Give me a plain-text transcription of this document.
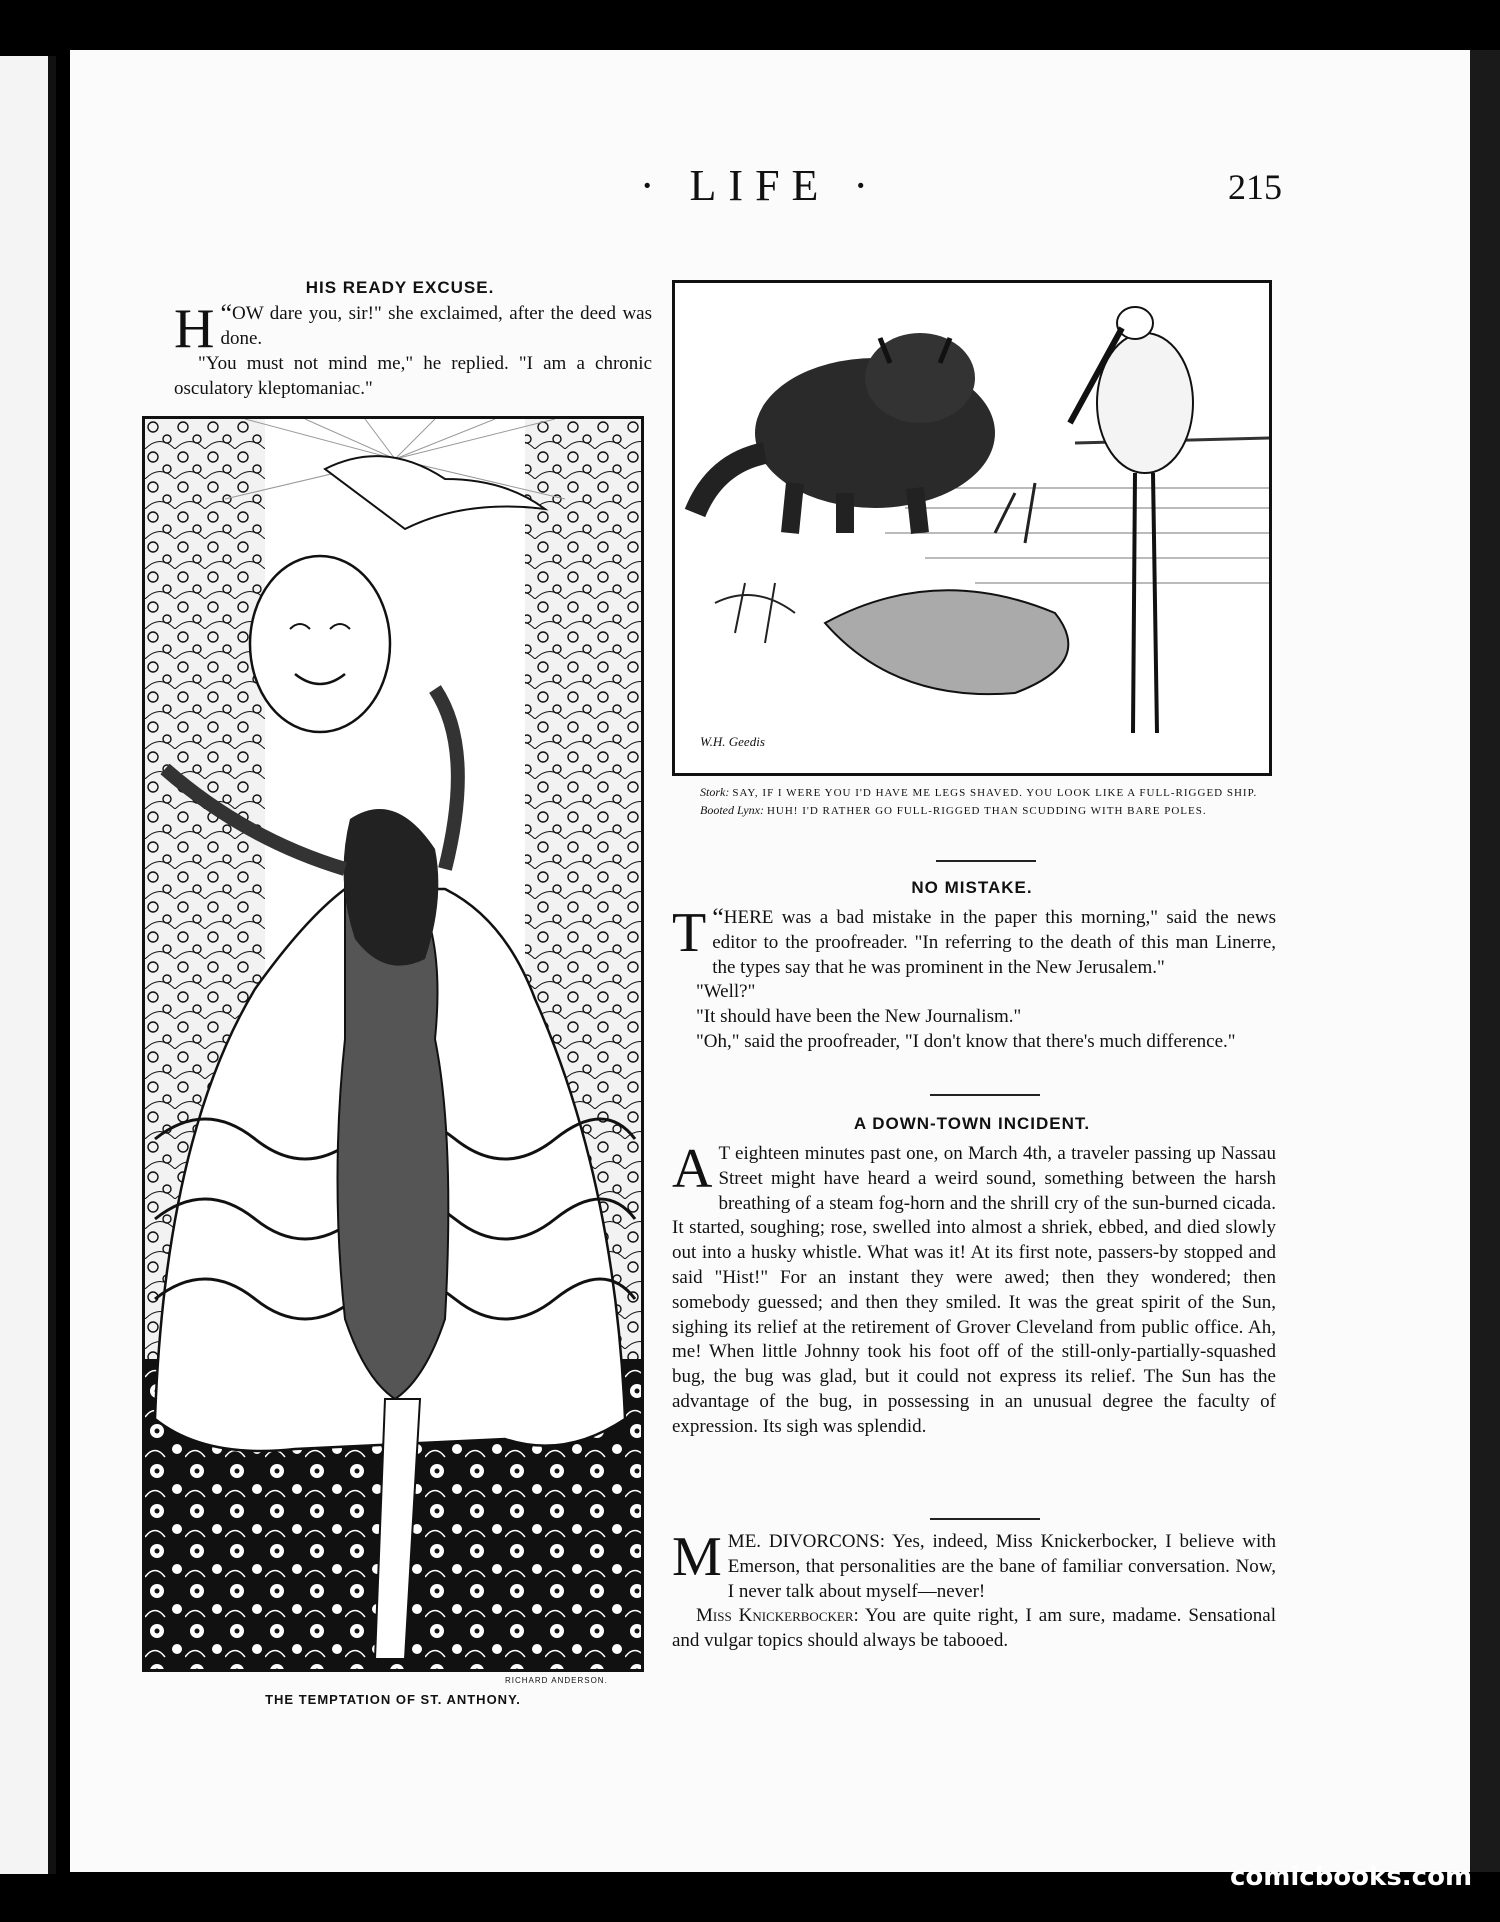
· LIFE ·	215
HIS READY EXCUSE.

“
H OW dare you, sir!" she exclaimed, after the deed was done.

"You must not mind me," he replied. "I am a chronic osculatory kleptomaniac."

RICHARD ANDERSON.
THE TEMPTATION OF ST. ANTHONY.
W.H. Geedis

Stork: SAY, IF I WERE YOU I'D HAVE ME LEGS SHAVED. YOU LOOK LIKE A FULL-RIGGED SHIP.

Booted Lynx: HUH! I'D RATHER GO FULL-RIGGED THAN SCUDDING WITH BARE POLES.

NO MISTAKE.

“
T HERE was a bad mistake in the paper this morning," said the news editor to the proofreader. "In referring to the death of this man Linerre, the types say that he was prominent in the New Jerusalem."

"Well?"

"It should have been the New Journalism."

"Oh," said the proofreader, "I don't know that there's much difference."

A DOWN-TOWN INCIDENT.

A T eighteen minutes past one, on March 4th, a traveler passing up Nassau Street might have heard a weird sound, something between the harsh breathing of a steam fog-horn and the shrill cry of the sun-burned cicada. It started, soughing; rose, swelled into almost a shriek, ebbed, and died slowly out into a husky whistle. What was it! At its first note, passers-by stopped and said "Hist!" For an instant they were awed; then they wondered; then somebody guessed; and then they smiled. It was the great spirit of the Sun, sighing its relief at the retirement of Grover Cleveland from public office. Ah, me! When little Johnny took his foot off of the still-only-partially-squashed bug, the bug was glad, but it could not express its relief. The Sun has the advantage of the bug, in possessing in an unusual degree the faculty of expression. Its sigh was splendid.

MME. DIVORCONS: Yes, indeed, Miss Knickerbocker, I believe with Emerson, that personalities are the bane of familiar conversation. Now, I never talk about myself—never!

Miss Knickerbocker: You are quite right, I am sure, madame. Sensational and vulgar topics should always be tabooed.

comicbooks.com
